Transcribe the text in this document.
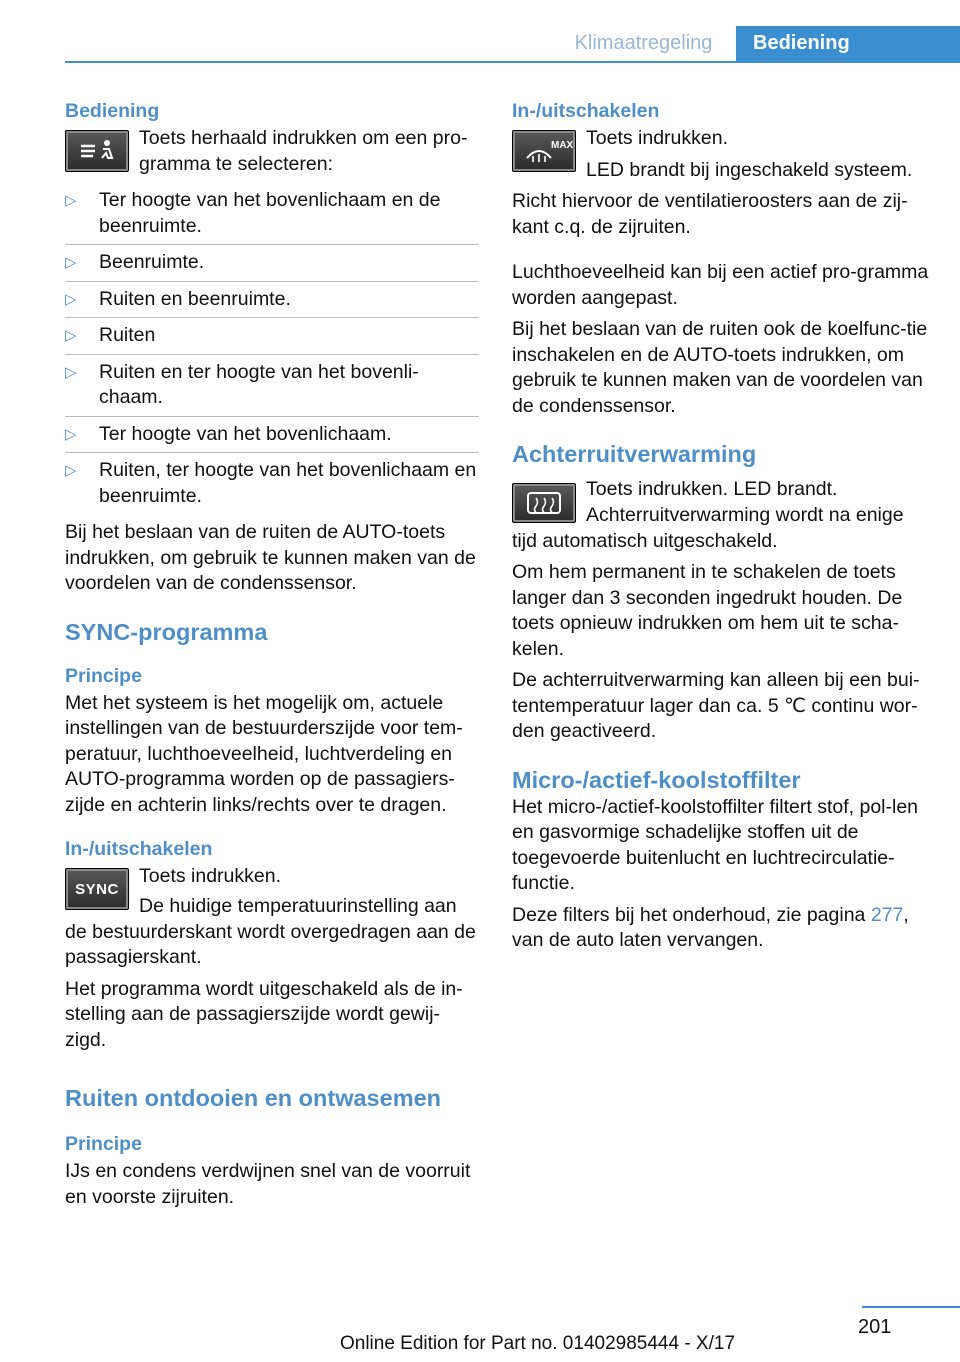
Klimaatregeling	Bediening
Bediening
Toets herhaald indrukken om een pro‐gramma te selecteren:
▷	Ter hoogte van het bovenlichaam en de beenruimte.
▷	Beenruimte.
▷	Ruiten en beenruimte.
▷	Ruiten
▷	Ruiten en ter hoogte van het bovenli‐chaam.
▷	Ter hoogte van het bovenlichaam.
▷	Ruiten, ter hoogte van het bovenlichaam en beenruimte.
Bij het beslaan van de ruiten de AUTO-toets indrukken, om gebruik te kunnen maken van de voordelen van de condenssensor.
SYNC-programma
Principe
Met het systeem is het mogelijk om, actuele instellingen van de bestuurderszijde voor tem‐peratuur, luchthoeveelheid, luchtverdeling en AUTO-programma worden op de passagiers‐zijde en achterin links/rechts over te dragen.
In-/uitschakelen
SYNC
Toets indrukken.
De huidige temperatuurinstelling aan de bestuurderskant wordt overgedragen aan de passagierskant.
Het programma wordt uitgeschakeld als de in‐stelling aan de passagierszijde wordt gewij‐zigd.
Ruiten ontdooien en ontwasemen
Principe
IJs en condens verdwijnen snel van de voorruit en voorste zijruiten.
In-/uitschakelen
MAX Toets indrukken.
LED brandt bij ingeschakeld systeem.
Richt hiervoor de ventilatieroosters aan de zij‐kant c.q. de zijruiten.
Luchthoeveelheid kan bij een actief pro‐gramma worden aangepast.
Bij het beslaan van de ruiten ook de koelfunc‐tie inschakelen en de AUTO-toets indrukken, om gebruik te kunnen maken van de voordelen van de condenssensor.
Achterruitverwarming
Toets indrukken. LED brandt.
Achterruitverwarming wordt na enige tijd automatisch uitgeschakeld.
Om hem permanent in te schakelen de toets langer dan 3 seconden ingedrukt houden. De toets opnieuw indrukken om hem uit te scha‐kelen.
De achterruitverwarming kan alleen bij een bui‐tentemperatuur lager dan ca. 5 ℃ continu wor‐den geactiveerd.
Micro-/actief-koolstoffilter
Het micro-/actief-koolstoffilter filtert stof, pol‐len en gasvormige schadelijke stoffen uit de toegevoerde buitenlucht en luchtrecirculatie‐functie.
Deze filters bij het onderhoud, zie pagina 277, van de auto laten vervangen.
201
Online Edition for Part no. 01402985444 - X/17
